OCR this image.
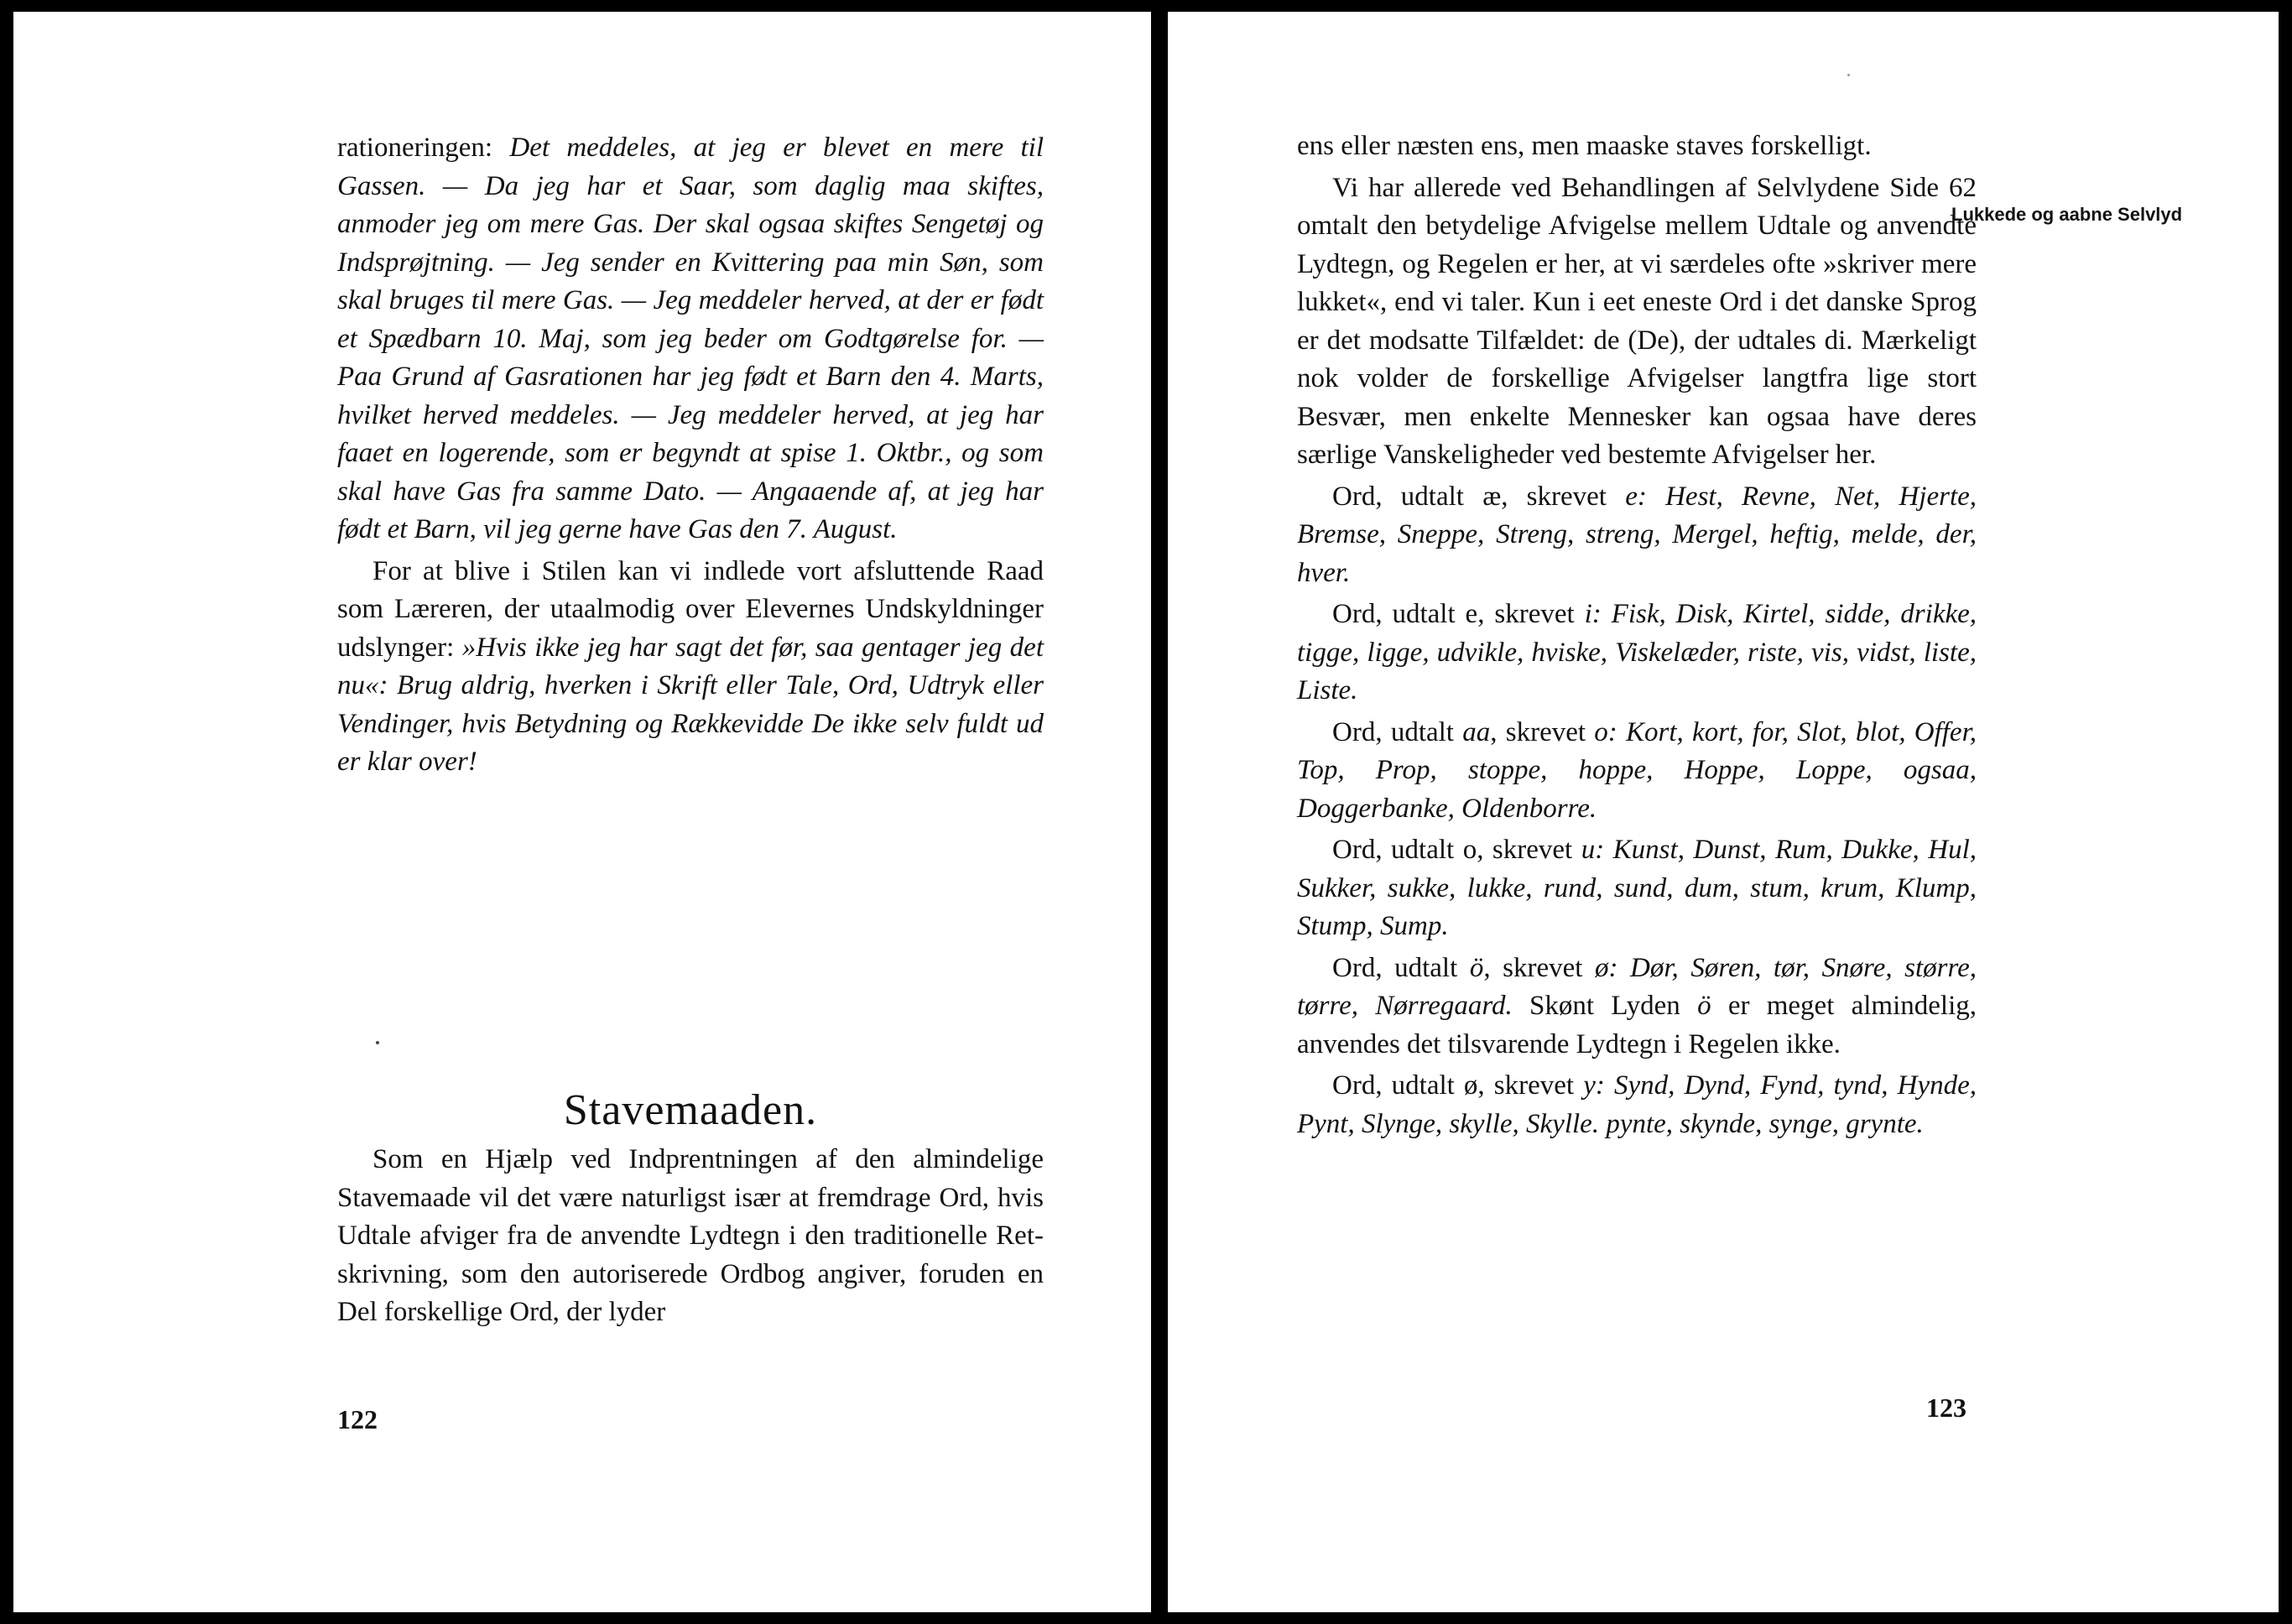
rationeringen: Det meddeles, at jeg er blevet en mere til Gassen. — Da jeg har et Saar, som daglig maa skiftes, anmoder jeg om mere Gas. Der skal ogsaa skiftes Sengetøj og Indsprøjtning. — Jeg sender en Kvittering paa min Søn, som skal bruges til mere Gas. — Jeg meddeler herved, at der er født et Spædbarn 10. Maj, som jeg beder om Godtgørelse for. — Paa Grund af Gasrationen har jeg født et Barn den 4. Marts, hvilket herved meddeles. — Jeg meddeler herved, at jeg har faaet en logerende, som er begyndt at spise 1. Oktbr., og som skal have Gas fra samme Dato. — Angaaende af, at jeg har født et Barn, vil jeg gerne have Gas den 7. August.

For at blive i Stilen kan vi indlede vort afsluttende Raad som Læreren, der utaalmodig over Elevernes Undskyldninger udslynger: »Hvis ikke jeg har sagt det før, saa gentager jeg det nu«: Brug aldrig, hverken i Skrift eller Tale, Ord, Udtryk eller Vendinger, hvis Betydning og Rækkevidde De ikke selv fuldt ud er klar over!

Stavemaaden.

Som en Hjælp ved Indprentningen af den almindelige Stavemaade vil det være naturligst især at fremdrage Ord, hvis Udtale afviger fra de anvendte Lydtegn i den traditionelle Retskrivning, som den autoriserede Ordbog angiver, foruden en Del forskellige Ord, der lyder

122

ens eller næsten ens, men maaske staves forskelligt.

Vi har allerede ved Behandlingen af Selvlydene Side 62 omtalt den betydelige Afvigelse mellem Udtale og anvendte Lydtegn, og Regelen er her, at vi særdeles ofte »skriver mere lukket«, end vi taler. Kun i eet eneste Ord i det danske Sprog er det modsatte Tilfældet: de (De), der udtales di. Mærkeligt nok volder de forskellige Afvigelser langtfra lige stort Besvær, men enkelte Mennesker kan ogsaa have deres særlige Vanskeligheder ved bestemte Afvigelser her.

Ord, udtalt æ, skrevet e: Hest, Revne, Net, Hjerte, Bremse, Sneppe, Streng, streng, Mergel, heftig, melde, der, hver.

Ord, udtalt e, skrevet i: Fisk, Disk, Kirtel, sidde, drikke, tigge, ligge, udvikle, hviske, Viskelæder, riste, vis, vidst, liste, Liste.

Ord, udtalt aa, skrevet o: Kort, kort, for, Slot, blot, Offer, Top, Prop, stoppe, hoppe, Hoppe, Loppe, ogsaa, Doggerbanke, Oldenborre.

Ord, udtalt o, skrevet u: Kunst, Dunst, Rum, Dukke, Hul, Sukker, sukke, lukke, rund, sund, dum, stum, krum, Klump, Stump, Sump.

Ord, udtalt ö, skrevet ø: Dør, Søren, tør, Snøre, større, tørre, Nørregaard. Skønt Lyden ö er meget almindelig, anvendes det tilsvarende Lydtegn i Regelen ikke.

Ord, udtalt ø, skrevet y: Synd, Dynd, Fynd, tynd, Hynde, Pynt, Slynge, skylle, Skylle. pynte, skynde, synge, grynte.

Lukkede og aabne Selvlyd
123
